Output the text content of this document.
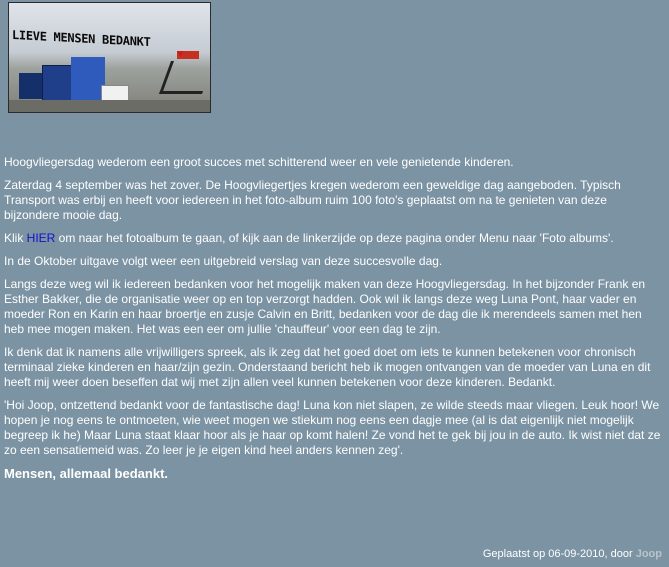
LIEVE MENSEN BEDANKT
♥

Hoogvliegersdag wederom een groot succes met schitterend weer en vele genietende kinderen.

Zaterdag 4 september was het zover. De Hoogvliegertjes kregen wederom een geweldige dag aangeboden. Typisch Transport was erbij en heeft voor iedereen in het foto-album ruim 100 foto's geplaatst om na te genieten van deze bijzondere mooie dag.

Klik HIER om naar het fotoalbum te gaan, of kijk aan de linkerzijde op deze pagina onder Menu naar 'Foto albums'.

In de Oktober uitgave volgt weer een uitgebreid verslag van deze succesvolle dag.

Langs deze weg wil ik iedereen bedanken voor het mogelijk maken van deze Hoogvliegersdag. In het bijzonder Frank en Esther Bakker, die de organisatie weer op en top verzorgt hadden. Ook wil ik langs deze weg Luna Pont, haar vader en moeder Ron en Karin en haar broertje en zusje Calvin en Britt, bedanken voor de dag die ik merendeels samen met hen heb mee mogen maken. Het was een eer om jullie 'chauffeur' voor een dag te zijn.

Ik denk dat ik namens alle vrijwilligers spreek, als ik zeg dat het goed doet om iets te kunnen betekenen voor chronisch terminaal zieke kinderen en haar/zijn gezin. Onderstaand bericht heb ik mogen ontvangen van de moeder van Luna en dit heeft mij weer doen beseffen dat wij met zijn allen veel kunnen betekenen voor deze kinderen. Bedankt.

'Hoi Joop, ontzettend bedankt voor de fantastische dag! Luna kon niet slapen, ze wilde steeds maar vliegen. Leuk hoor! We hopen je nog eens te ontmoeten, wie weet mogen we stiekum nog eens een dagje mee (al is dat eigenlijk niet mogelijk begreep ik he) Maar Luna staat klaar hoor als je haar op komt halen! Ze vond het te gek bij jou in de auto. Ik wist niet dat ze zo een sensatiemeid was. Zo leer je je eigen kind heel anders kennen zeg'.

Mensen, allemaal bedankt.

Geplaatst op 06-09-2010, door Joop
